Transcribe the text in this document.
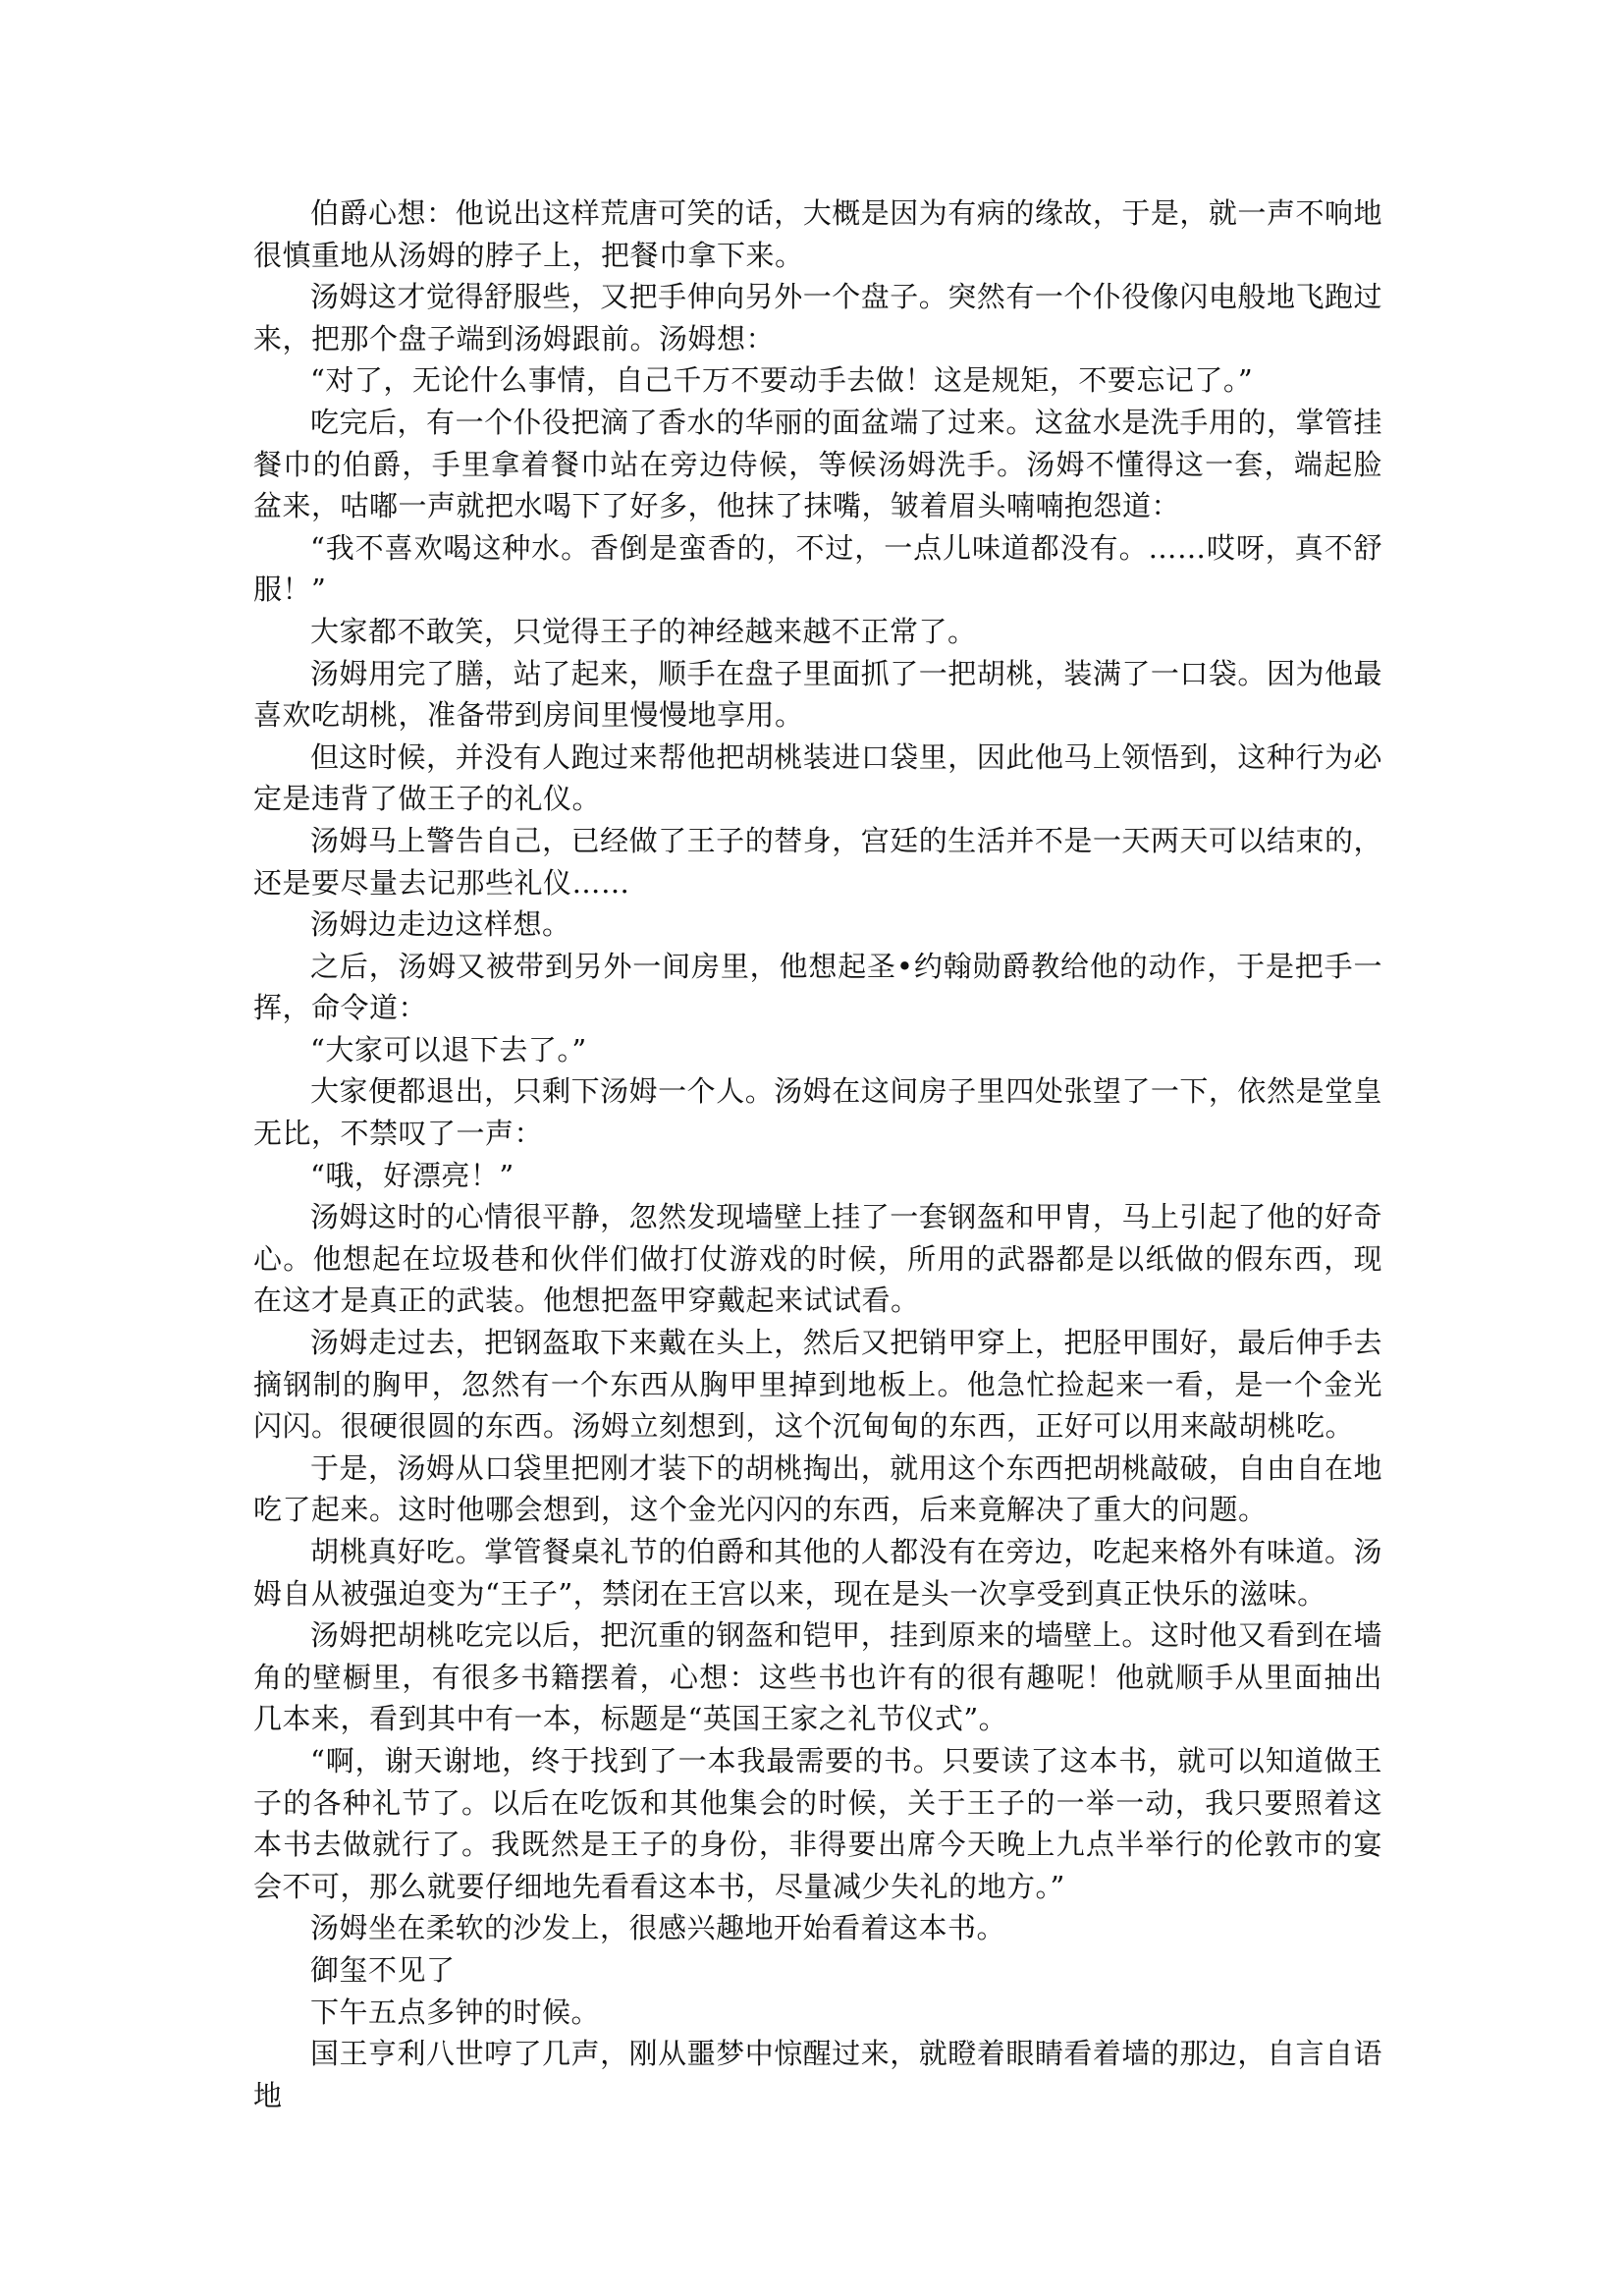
伯爵心想：他说出这样荒唐可笑的话，大概是因为有病的缘故，于是，就一声不响地很慎重地从汤姆的脖子上，把餐巾拿下来。

汤姆这才觉得舒服些，又把手伸向另外一个盘子。突然有一个仆役像闪电般地飞跑过来，把那个盘子端到汤姆跟前。汤姆想：

“对了，无论什么事情，自己千万不要动手去做！这是规矩，不要忘记了。”

吃完后，有一个仆役把滴了香水的华丽的面盆端了过来。这盆水是洗手用的，掌管挂餐巾的伯爵，手里拿着餐巾站在旁边侍候，等候汤姆洗手。汤姆不懂得这一套，端起脸盆来，咕嘟一声就把水喝下了好多，他抹了抹嘴，皱着眉头喃喃抱怨道：

“我不喜欢喝这种水。香倒是蛮香的，不过，一点儿味道都没有。……哎呀，真不舒服！”

大家都不敢笑，只觉得王子的神经越来越不正常了。

汤姆用完了膳，站了起来，顺手在盘子里面抓了一把胡桃，装满了一口袋。因为他最喜欢吃胡桃，准备带到房间里慢慢地享用。

但这时候，并没有人跑过来帮他把胡桃装进口袋里，因此他马上领悟到，这种行为必定是违背了做王子的礼仪。

汤姆马上警告自己，已经做了王子的替身，宫廷的生活并不是一天两天可以结束的，还是要尽量去记那些礼仪……

汤姆边走边这样想。

之后，汤姆又被带到另外一间房里，他想起圣•约翰勋爵教给他的动作，于是把手一挥，命令道：

“大家可以退下去了。”

大家便都退出，只剩下汤姆一个人。汤姆在这间房子里四处张望了一下，依然是堂皇无比，不禁叹了一声：

“哦，好漂亮！”

汤姆这时的心情很平静，忽然发现墙壁上挂了一套钢盔和甲胄，马上引起了他的好奇心。他想起在垃圾巷和伙伴们做打仗游戏的时候，所用的武器都是以纸做的假东西，现在这才是真正的武装。他想把盔甲穿戴起来试试看。

汤姆走过去，把钢盔取下来戴在头上，然后又把销甲穿上，把胫甲围好，最后伸手去摘钢制的胸甲，忽然有一个东西从胸甲里掉到地板上。他急忙捡起来一看，是一个金光闪闪。很硬很圆的东西。汤姆立刻想到，这个沉甸甸的东西，正好可以用来敲胡桃吃。

于是，汤姆从口袋里把刚才装下的胡桃掏出，就用这个东西把胡桃敲破，自由自在地吃了起来。这时他哪会想到，这个金光闪闪的东西，后来竟解决了重大的问题。

胡桃真好吃。掌管餐桌礼节的伯爵和其他的人都没有在旁边，吃起来格外有味道。汤姆自从被强迫变为“王子”，禁闭在王宫以来，现在是头一次享受到真正快乐的滋味。

汤姆把胡桃吃完以后，把沉重的钢盔和铠甲，挂到原来的墙壁上。这时他又看到在墙角的壁橱里，有很多书籍摆着，心想：这些书也许有的很有趣呢！他就顺手从里面抽出几本来，看到其中有一本，标题是“英国王家之礼节仪式”。

“啊，谢天谢地，终于找到了一本我最需要的书。只要读了这本书，就可以知道做王子的各种礼节了。以后在吃饭和其他集会的时候，关于王子的一举一动，我只要照着这本书去做就行了。我既然是王子的身份，非得要出席今天晚上九点半举行的伦敦市的宴会不可，那么就要仔细地先看看这本书，尽量减少失礼的地方。”

汤姆坐在柔软的沙发上，很感兴趣地开始看着这本书。

御玺不见了

下午五点多钟的时候。

国王亨利八世哼了几声，刚从噩梦中惊醒过来，就瞪着眼睛看着墙的那边，自言自语地
